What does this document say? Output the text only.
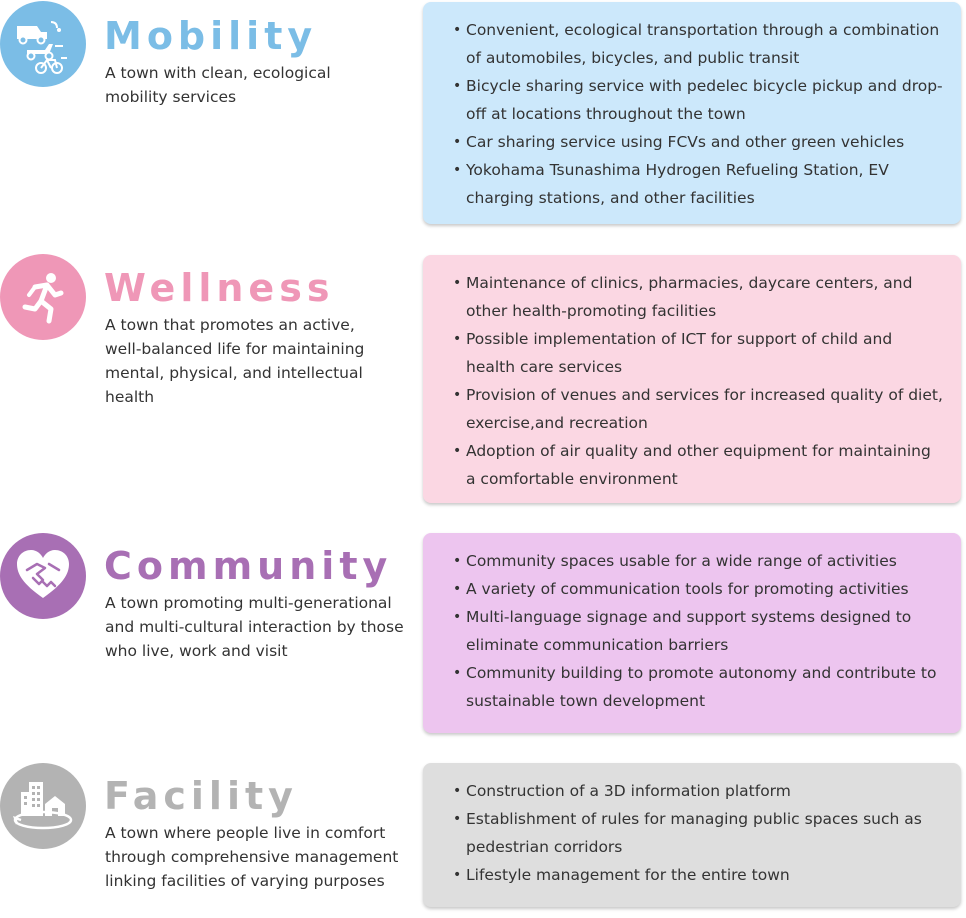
Mobility

A town with clean, ecological mobility services

• Convenient, ecological transportation through a combination of automobiles, bicycles, and public transit
• Bicycle sharing service with pedelec bicycle pickup and drop-off at locations throughout the town
• Car sharing service using FCVs and other green vehicles
• Yokohama Tsunashima Hydrogen Refueling Station, EV charging stations, and other facilities
Wellness

A town that promotes an active, well-balanced life for maintaining mental, physical, and intellectual health

• Maintenance of clinics, pharmacies, daycare centers, and other health-promoting facilities
• Possible implementation of ICT for support of child and health care services
• Provision of venues and services for increased quality of diet, exercise,and recreation
• Adoption of air quality and other equipment for maintaining a comfortable environment
Community

A town promoting multi-generational and multi-cultural interaction by those who live, work and visit

• Community spaces usable for a wide range of activities
• A variety of communication tools for promoting activities
• Multi-language signage and support systems designed to eliminate communication barriers
• Community building to promote autonomy and contribute to sustainable town development
Facility

A town where people live in comfort through comprehensive management linking facilities of varying purposes

• Construction of a 3D information platform
• Establishment of rules for managing public spaces such as pedestrian corridors
• Lifestyle management for the entire town
